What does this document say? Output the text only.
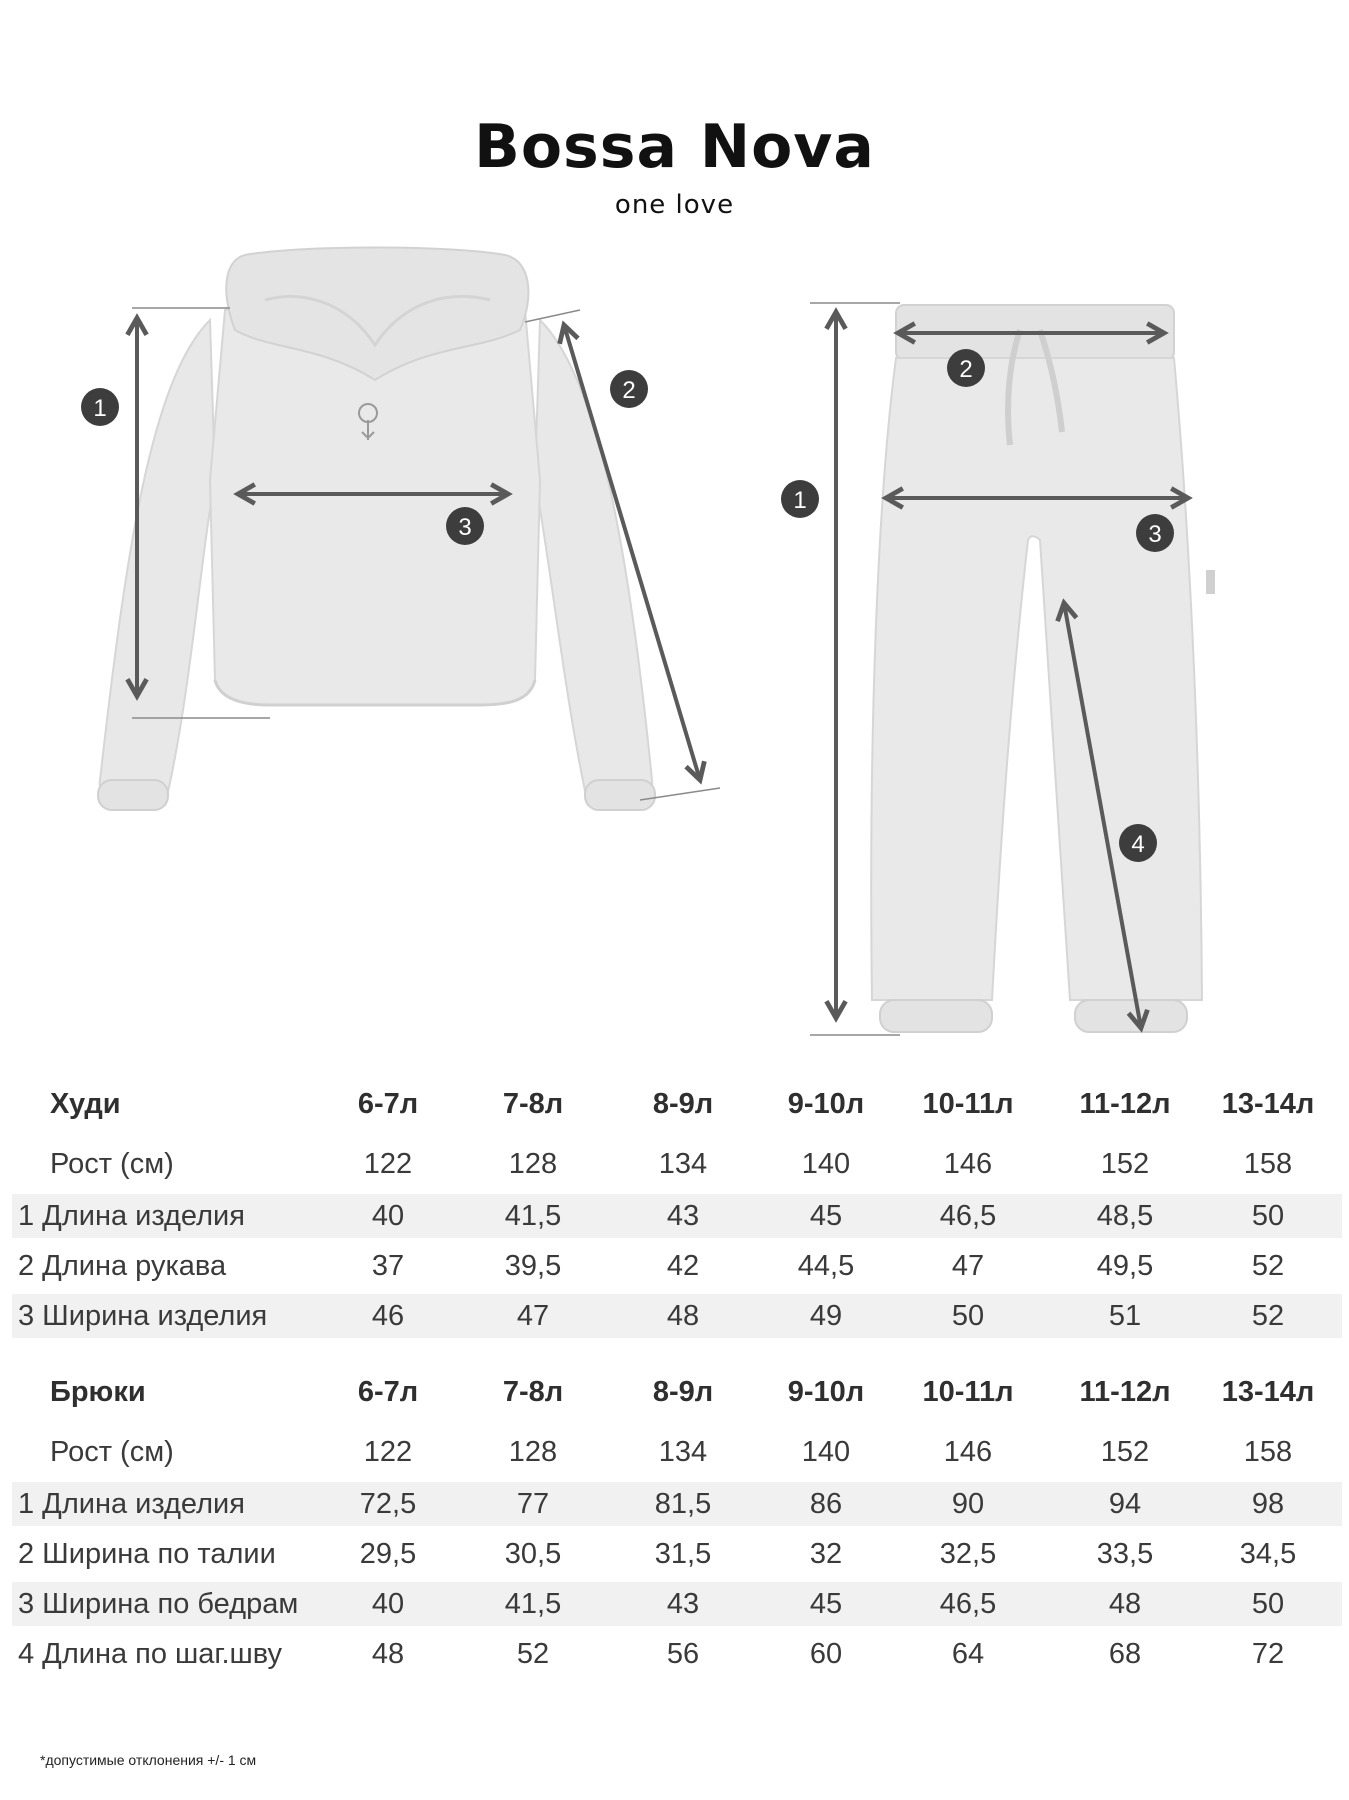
Bossa Nova
one love
1
2
3
1
2
3
4
Худи	6-7л	7-8л	8-9л	9-10л	10-11л	11-12л	13-14л
Рост (см)	122	128	134	140	146	152	158
1 Длина изделия	40	41,5	43	45	46,5	48,5	50
2 Длина рукава	37	39,5	42	44,5	47	49,5	52
3 Ширина изделия	46	47	48	49	50	51	52
Брюки	6-7л	7-8л	8-9л	9-10л	10-11л	11-12л	13-14л
Рост (см)	122	128	134	140	146	152	158
1 Длина изделия	72,5	77	81,5	86	90	94	98
2 Ширина по талии	29,5	30,5	31,5	32	32,5	33,5	34,5
3 Ширина по бедрам	40	41,5	43	45	46,5	48	50
4 Длина по шаг.шву	48	52	56	60	64	68	72
*допустимые отклонения +/- 1 см
